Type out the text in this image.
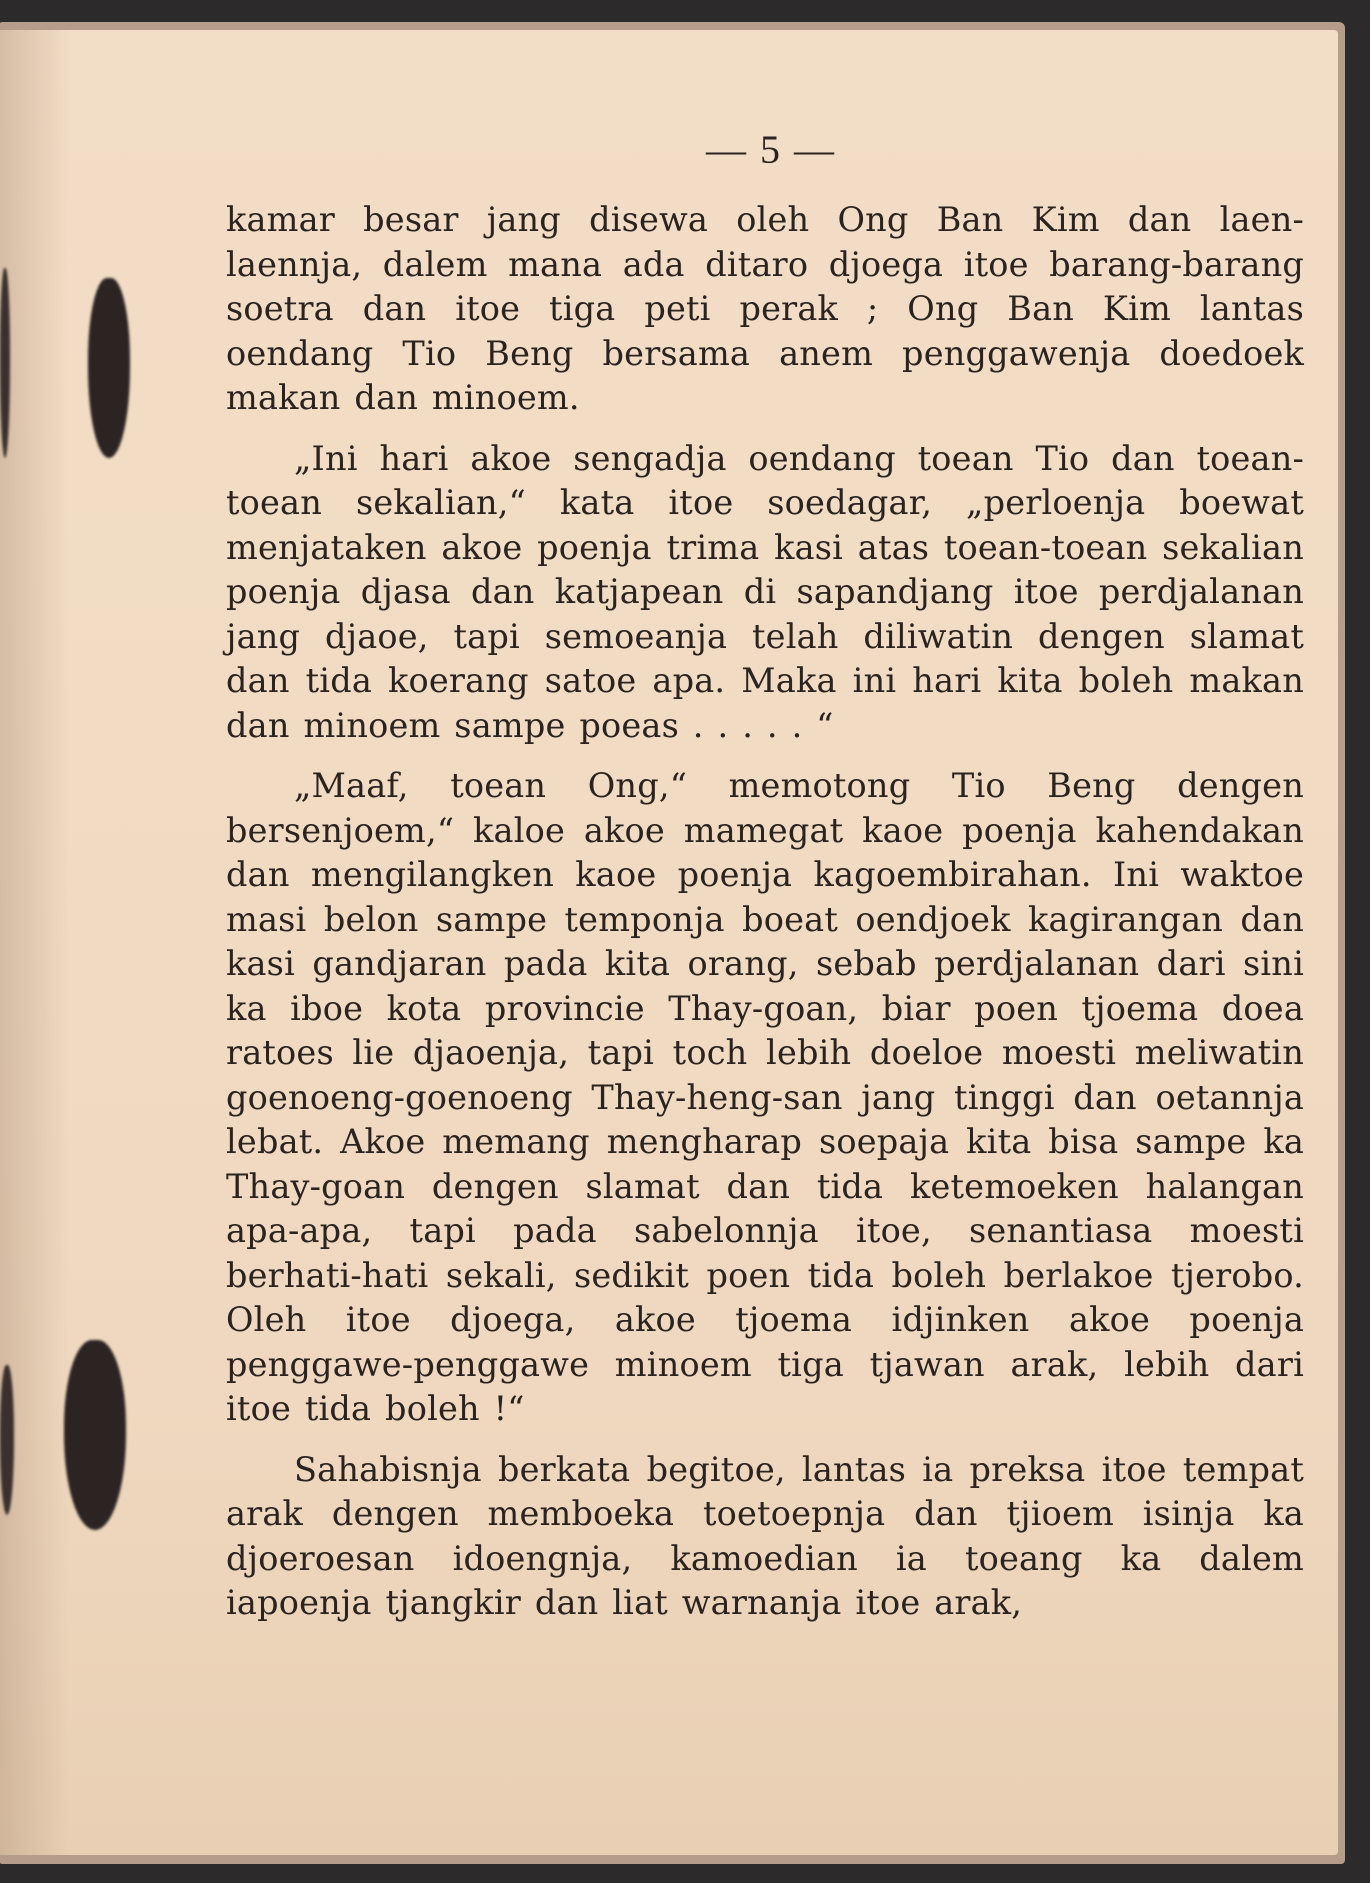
— 5 —

kamar besar jang disewa oleh Ong Ban Kim dan laen-laennja, dalem mana ada ditaro djoega itoe barang-barang soetra dan itoe tiga peti perak ; Ong Ban Kim lantas oendang Tio Beng bersama anem penggawenja doedoek makan dan minoem.

„Ini hari akoe sengadja oendang toean Tio dan toean-toean sekalian,“ kata itoe soedagar, „perloenja boewat menjataken akoe poenja trima kasi atas toean-toean sekalian poenja djasa dan katjapean di sapandjang itoe perdjalanan jang djaoe, tapi semoeanja telah diliwatin dengen slamat dan tida koerang satoe apa. Maka ini hari kita boleh makan dan minoem sampe poeas . . . . . “

„Maaf, toean Ong,“ memotong Tio Beng dengen bersenjoem,“ kaloe akoe mamegat kaoe poenja kahendakan dan mengilangken kaoe poenja kagoembirahan. Ini waktoe masi belon sampe temponja boeat oendjoek kagirangan dan kasi gandjaran pada kita orang, sebab perdjalanan dari sini ka iboe kota provincie Thay-goan, biar poen tjoema doea ratoes lie djaoenja, tapi toch lebih doeloe moesti meliwatin goenoeng-goenoeng Thay-heng-san jang tinggi dan oetannja lebat. Akoe memang mengharap soepaja kita bisa sampe ka Thay-goan dengen slamat dan tida ketemoeken halangan apa-apa, tapi pada sabelonnja itoe, senantiasa moesti berhati-hati sekali, sedikit poen tida boleh berlakoe tjerobo. Oleh itoe djoega, akoe tjoema idjinken akoe poenja penggawe-penggawe minoem tiga tjawan arak, lebih dari itoe tida boleh !“

Sahabisnja berkata begitoe, lantas ia preksa itoe tempat arak dengen memboeka toetoepnja dan tjioem isinja ka djoeroesan idoengnja, kamoedian ia toeang ka dalem iapoenja tjangkir dan liat warnanja itoe arak,
